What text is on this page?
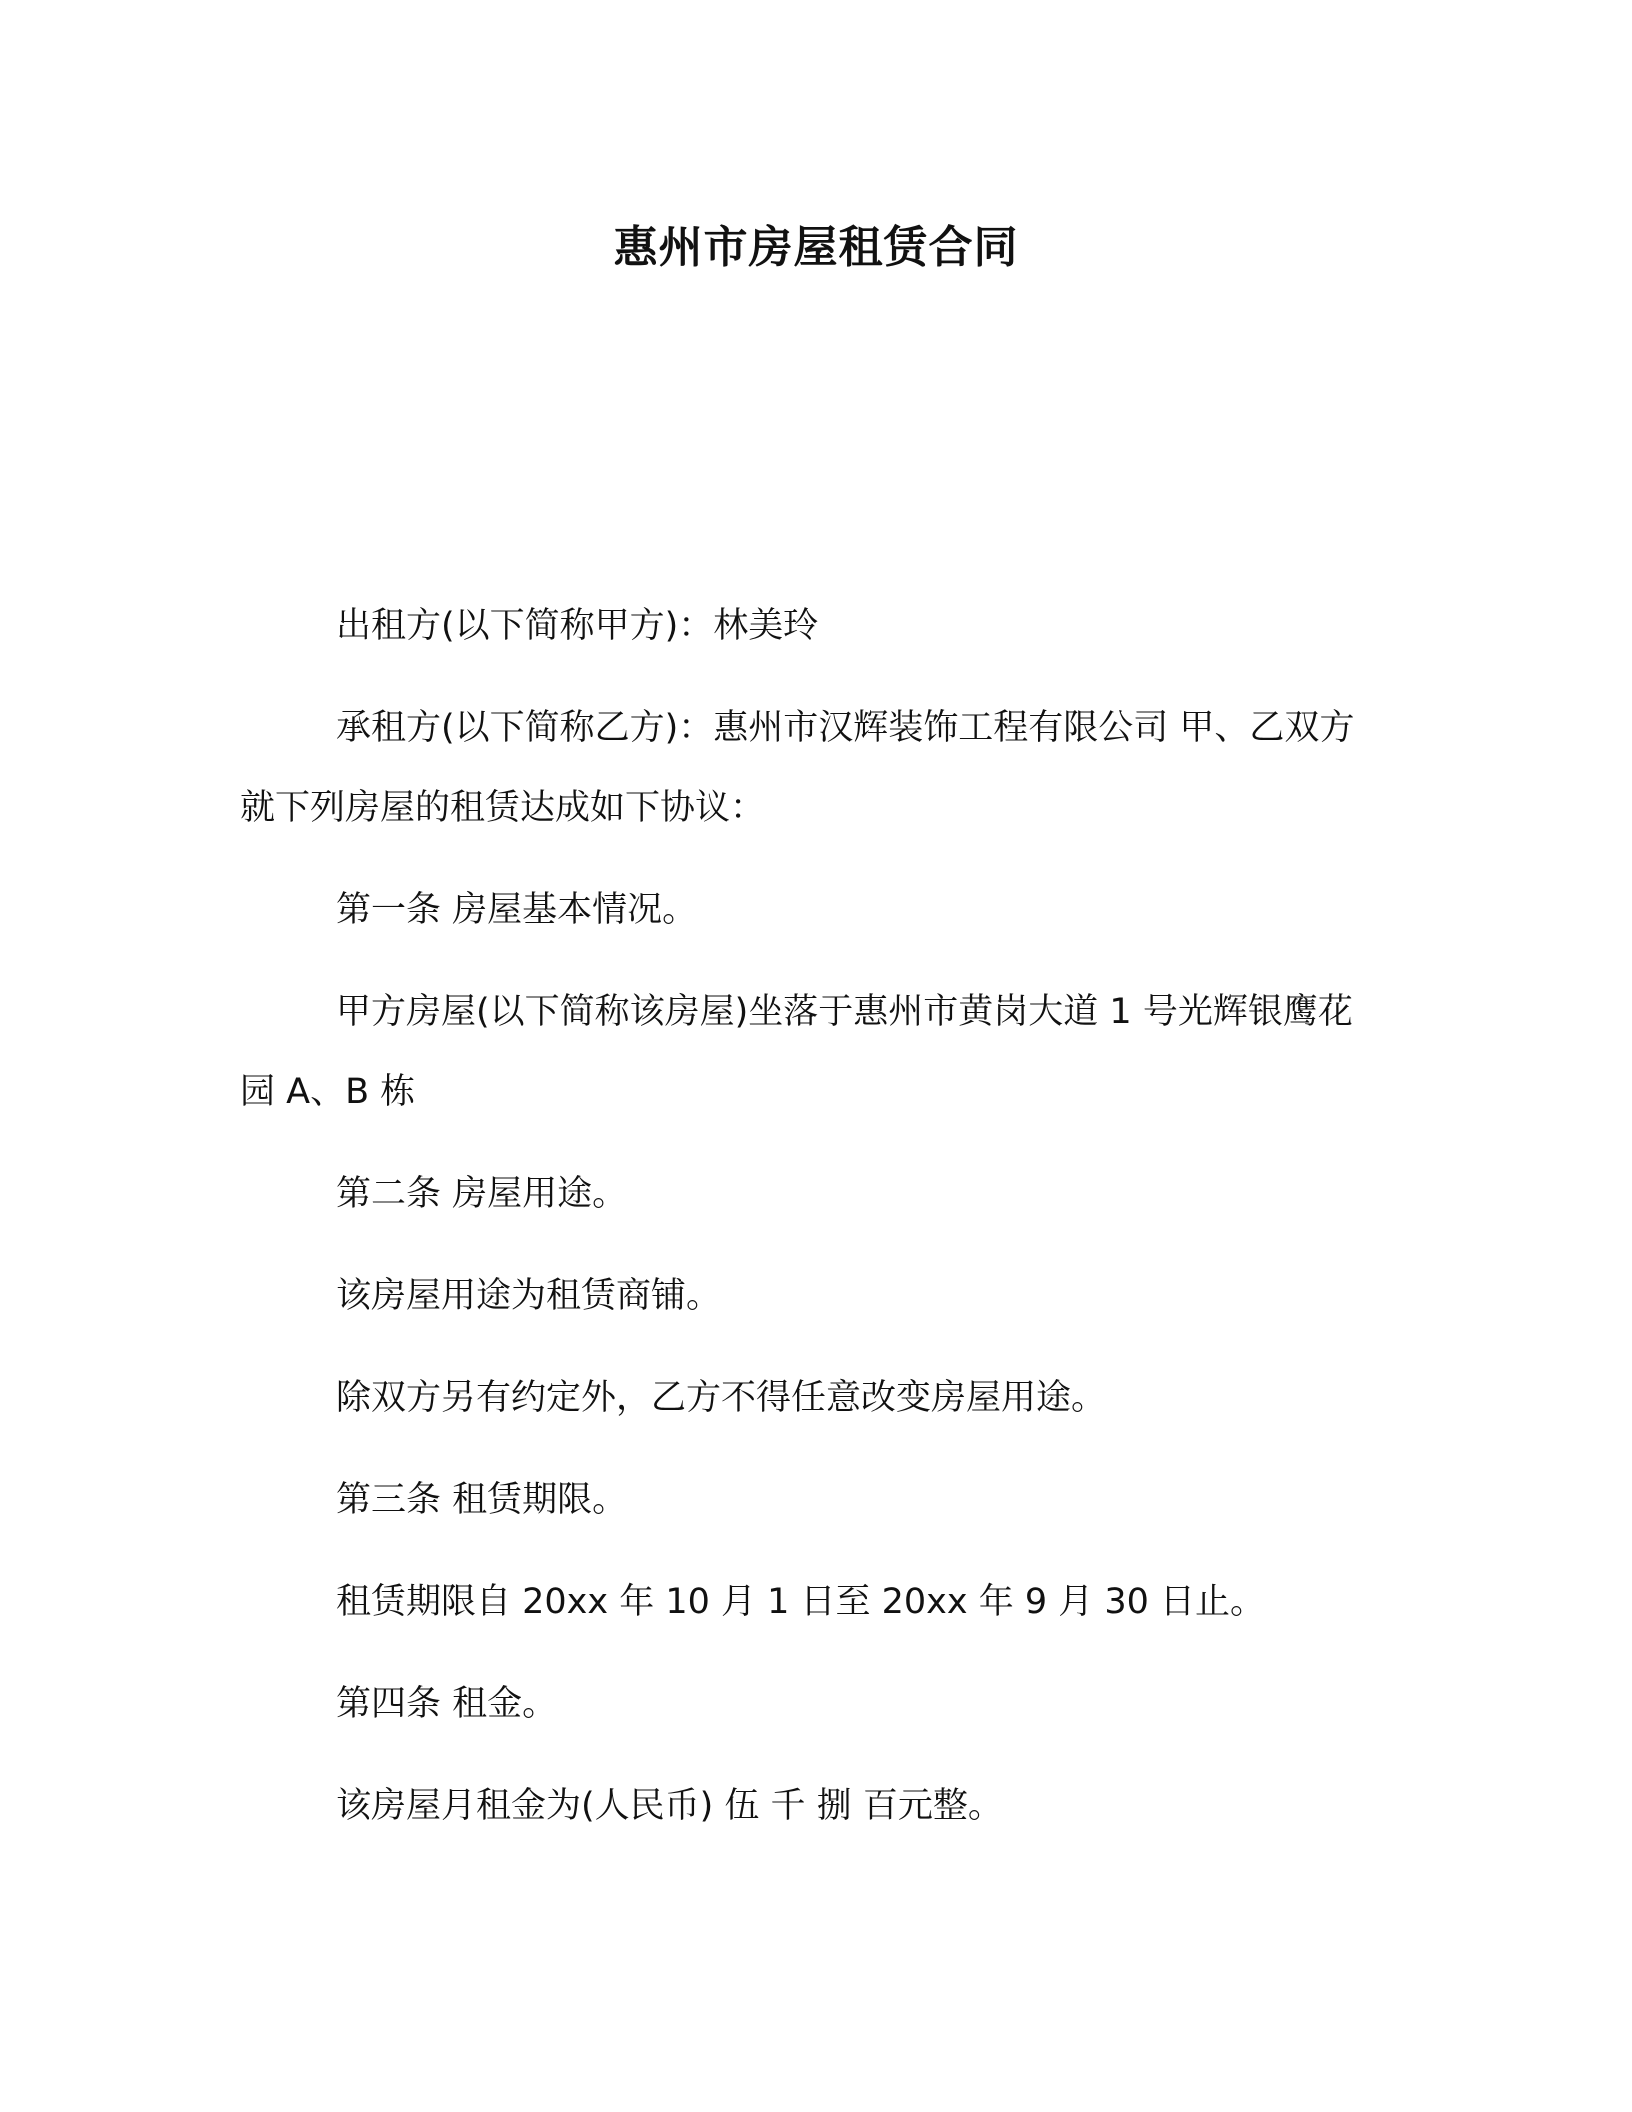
惠州市房屋租赁合同

出租方(以下简称甲方)：林美玲

承租方(以下简称乙方)：惠州市汉辉装饰工程有限公司 甲、乙双方就下列房屋的租赁达成如下协议：

第一条 房屋基本情况。

甲方房屋(以下简称该房屋)坐落于惠州市黄岗大道 1 号光辉银鹰花园 A、B 栋

第二条 房屋用途。

该房屋用途为租赁商铺。

除双方另有约定外，乙方不得任意改变房屋用途。

第三条 租赁期限。

租赁期限自 20xx 年 10 月 1 日至 20xx 年 9 月 30 日止。

第四条 租金。

该房屋月租金为(人民币) 伍 千 捌 百元整。
